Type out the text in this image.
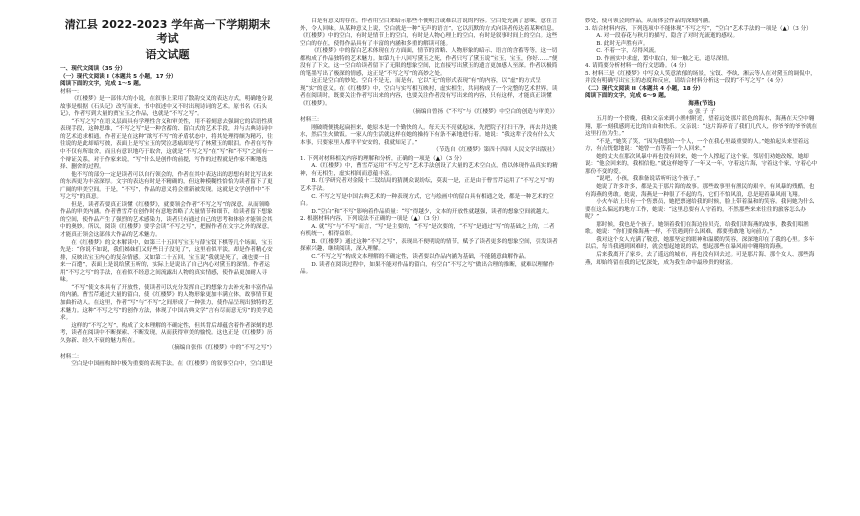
清江县 2022-2023 学年高一下学期期末考试
语文试题

一、现代文阅读（35 分）

（一）现代文阅读 I（本题共 5 小题，17 分）

阅读下面的文字，完成 1～5 题。

材料一：

《红楼梦》是一部伟大的小说，在叙事上采用了散韵交叉的表达方式，明确地分说故事是根据《石头记》改写而来，书中叙述中又不时出现诗词的艺术。原书名《石头记》，作者写到大量的贾宝玉之作品，也就是“不写之写”。

“不写之写”在语义层面具有学理性含义和审美性，用不着刻意去强调它的话语性质表现手段，这种思维，“不写之写”是一种含蓄的、留白式的艺术手段，并与古典诗词中的艺术追求相通。作者正是在这种“欲写不写”的矛盾状态中，将其处理得颇为精巧，往往说的是此却暗写彼，表面上是写宝玉的哭泣悲痛却是写了林黛玉的眼泪。作者在写作中不仅有所取舍，而且有意识地巧于取舍，这就是“不写之写”在“写”和“不写”之间有一个辩证关系，对于作家来说，“写”什么是创作的前提，写作的过程就是作家不断地选择、删舍的过程。

他不写的部分一定是读者可以自行领会的，作者在其中表达出的思想有时比写出来的东西更为丰富深厚。文字的表达有时是不精确的，但这种模糊性恰恰为读者留下了更广阔的审美空间。于是，“不写”，作品的意义将会重新被发现。这就是文学创作中“不写之写”的真意。

但是，读者若要真正读懂《红楼梦》，就要领会作者“不写之写”的深意，从而领略作品的审美内涵。作者曹雪芹在创作时有意地省略了大量情节和细节，给读者留下想象的空间，使作品产生了强烈的艺术感染力，读者只有通过自己的思考和体验才能领会其中的奥妙。所以，阅读《红楼梦》要学会读“不写之写”，把握作者在文字之外的深意，才能真正领会这部伟大作品的艺术魅力。

在《红楼梦》的文本解读中，如第三十五回写宝玉与薛宝钗下棋等几个场面，宝玉先是：“你说不如说，我们姊妹们又好些日子没见了”，这里看似平淡，却是作者精心安排，反映出宝玉内心的复杂情感。又如第二十五回，宝玉说“我就是死了，魂也要一日来一百遭”，表面上是说给黛玉听的，实际上是说出了自己内心对黛玉的深情。作者运用“不写之写”的手法，在看似不经意之间流露出人物的真实情感，使作品更加耐人寻味。

“不写”使文本具有了开放性，使读者可以充分发挥自己的想象力去补充和丰富作品的内涵。曹雪芹通过大量的留白，使《红楼梦》的人物形象更加丰满立体，故事情节更加曲折动人。在这里，作者“写”与“不写”之间形成了一种张力，使作品呈现出独特的艺术魅力。这种“不写之写”的创作方法，体现了中国古典文学“言有尽而意无穷”的美学追求。

这样的“不写之写”，构成了文本理解的不确定性，但其背后却蕴含着作者深刻的思考，读者在阅读中不断探索、不断发现，从而获得审美的愉悦。这也正是《红楼梦》历久弥新、经久不衰的魅力所在。

（摘编自张伟《红楼梦》中的“不写之写”）

材料二：

空白是中国画构图中极为重要的表现手法。在《红楼梦》的叙事空白中，空白即是

白是有意义的存在，作者用空白来暗示那些不便明言或难以言说的内容。空白处充满了意味，意在言外，令人回味。从某种意义上说，空白就是一种“无声的语言”，它以沉默的方式向读者传达着某种信息。《红楼梦》中的空白，有时是情节上的空白，有时是人物心理上的空白，有时是叙事时间上的空白。这些空白的存在，使得作品具有了丰富的内涵和多重的解读可能。

《红楼梦》中的留白艺术体现在方方面面，情节的省略、人物形象的暗示、语言的含蓄等等，这一切都构成了作品独特的艺术魅力。如第九十八回写黛玉之死，作者只写了黛玉说“宝玉，宝玉，你好……”便没有了下文，这一空白给读者留下了无限的想象空间，比直接写出黛玉的遗言更加感人至深。作者以极简的笔墨写出了极深的情感，这正是“不写之写”的高妙之处。

这正是空白的妙处。空白不是无，而是有，它以“无”的形式表现“有”的内容，以“虚”的方式呈现“实”的意义。在《红楼梦》中，空白与实写相互映衬，虚实相生，共同构成了一个完整的艺术世界。读者在阅读时，既要关注作者写出来的内容，也要关注作者没有写出来的内容，只有这样，才能真正读懂《红楼梦》。

（摘编自曾扬《“不写”与《红楼梦》中空白的创造与审美》）

材料三：

刚破晓便挑起扁担来，她原本是一个勤快的人，每天天不亮就起床，先把院子打扫干净，再去井边挑水，然后生火做饭。一家人的生活就这样在她的操持下有条不紊地进行着。她说：“我这辈子没有什么大本事，只要家里人都平平安安的，我就知足了。”

（节选自《红楼梦》第四十四回 人民文学出版社）

1. 下列对材料相关内容的理解和分析，正确的一项是（▲）（3 分）

A.《红楼梦》中，曹雪芹运用“不写之写”艺术手法创设了大量的艺术空白点，借以体现作品真实的精神，有无相生，虚实相间而意蕴丰富。

B. 红学研究者对金陵十二钗结局的猜测众说纷纭，莫衷一是，正是由于曹雪芹运用了“不写之写”的艺术手法。

C. 不写之写是中国古典艺术的一种表现方式，它与绘画中的留白具有相通之处，都是一种艺术的空白。

D.“空白”和“不写”影响着作品质量：“写”得越少，文本的开放性就越强，读者的想象空间就越大。

2. 根据材料内容，下列说法不正确的一项是（▲）（3 分）

A. 就“写”与“不写”而言，“写”是主要的，“不写”是次要的，“不写”是通过“写”的基础之上的，二者有机统一，相得益彰。

B.《红楼梦》通过这种“不写之写”，表现出不便明说的情节，赋予了读者更多的想象空间，引发读者探索兴趣，继续阅读，深入理解。

C.“不写之写”构成文本理解的不确定性，读者要以作品内涵为基础，不能随意曲解作品。

D. 读者在阅读过程中，如果不能对作品的留白，有空白“不写之写”做出合理的推断，就难以理解作品。

妙处，使可领会到作品，从而体会作品的深刻内涵。

3. 结合材料内容，下列选项中不能体现“不写之写”，“空白”艺术手法的一项是（▲）（3 分）

A. 对一段春花与秋月的描写，隐含了对时光流逝的感叹。

B. 此时无声胜有声。

C. 不着一字，尽得风流。

D. 作画实中求虚，繁中取白，知一触之无，道尽深情。

4. 请简要分析材料一的行文思路。（4 分）

5. 材料三是《红楼梦》中写众人笑意浓郁的场景，宝钗、李纨、湘云等人在对黛玉的调侃中，并没有明确写出宝玉的态度和反应，请结合材料分析这一段的“不写之写”（4 分）

（二）现代文阅读 II（本题共 4 小题，18 分）

阅读下面的文字，完成 6～9 题。

海燕(节选)

◎ 张 子 子

五月的一个傍晚，我和父亲来到小渔村附近，望着远处那片蓝色的海水，海燕在天空中翱翔，那一刻我感到无比的自由和快乐。父亲说：“这片海养育了我们几代人，你爷爷的爷爷就在这里打鱼为生。”

“不是，”她笑了笑，“因为我想给一个人，一个在我心里最重要的人。”她拍起头来望着远方，有点恍惚地说：“她曾一直等着一个人回来。”

她的丈夫在那次风暴中再也没有回来，她一个人撑起了这个家。邻居们劝她改嫁，她却说：“他会回来的，我相信他。”就这样她等了一年又一年，守着这片海，守着这个家，守着心中那份不变的爱。

“说吧，小孩，我准备说话听听这个孩子。”

她说了许多许多，都是关于那片海的故事。那些故事里有渔民的艰辛，有风暴的残酷，也有海燕的勇敢。她说，海燕是一种很了不起的鸟，它们不怕风浪，总是迎着暴风雨飞翔。

小火车站上只有一个售票员，她把票递给我的时候，脸上带着温和的笑容。我问她为什么要在这么偏远的地方工作，她说：“这里总要有人守着的，不然那些来来往往的旅客怎么办呢？”

那时候，我也是个孩子。她领着我们在海边捡贝壳，给我们讲海燕的故事，教我们唱渔歌。她说：“你们要像海燕一样，不管遇到什么困难，都要勇敢地飞向前方。”

我对这个女人充满了敬意，她那坚定的眼神和温暖的笑容，深深地印在了我的心里。多年以后，每当我遇到困难时，就会想起她说的话，想起那些在暴风雨中翱翔的海燕。

后来我离开了家乡，去了遥远的城市，再也没有回去过。可是那片海、那个女人、那些海燕，却始终留在我的记忆深处，成为我生命中最珍贵的财富。
